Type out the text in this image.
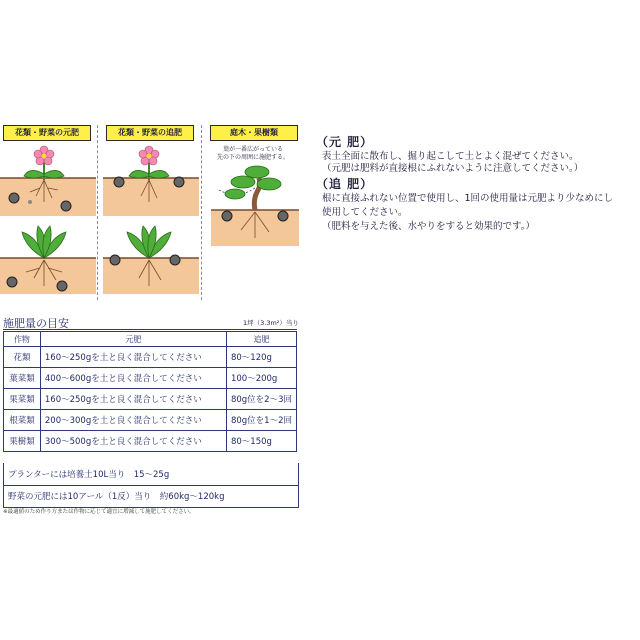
花類・野菜の元肥	花類・野菜の追肥	庭木・果樹類
葉が一番広がっている
先の下の周囲に施肥する。
（元 肥）
表土全面に散布し、掘り起こして土とよく混ぜてください。
（元肥は肥料が直接根にふれないように注意してください。）
（追 肥）
根に直接ふれない位置で使用し、1回の使用量は元肥より少なめにし
使用してください。
（肥料を与えた後、水やりをすると効果的です。）
施肥量の目安	1坪（3.3m²）当り
作物	元肥	追肥
花類	160～250gを土と良く混合してください	80～120g
葉菜類	400～600gを土と良く混合してください	100～200g
果菜類	160～250gを土と良く混合してください	80g位を2～3回
根菜類	200～300gを土と良く混合してください	80g位を1～2回
果樹類	300～500gを土と良く混合してください	80～150g
プランターには培養土10L当り　15～25g
野菜の元肥には10アール（1反）当り　約60kg～120kg
※最適値のため作り方または作物に応じて適宜に増減して施肥してください。
